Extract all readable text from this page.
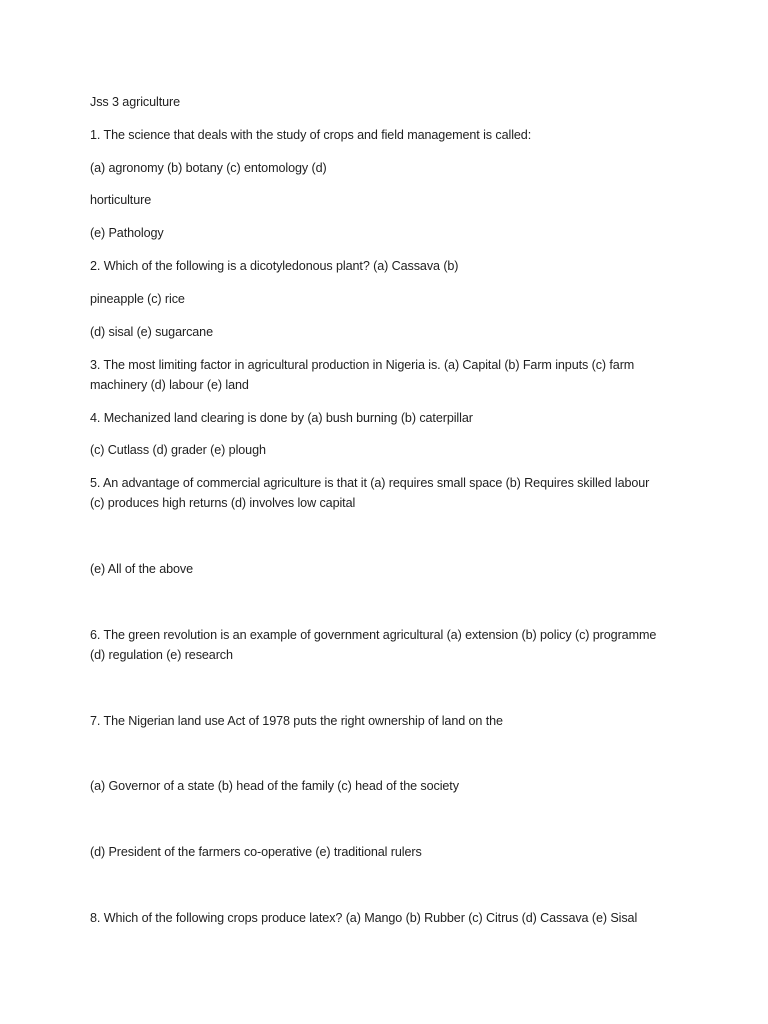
Jss 3 agriculture

1. The science that deals with the study of crops and field management is called:

(a) agronomy (b) botany (c) entomology (d)

horticulture

(e) Pathology

2. Which of the following is a dicotyledonous plant? (a) Cassava (b)

pineapple (c) rice

(d) sisal (e) sugarcane

3. The most limiting factor in agricultural production in Nigeria is. (a) Capital (b) Farm inputs (c) farm

machinery (d) labour (e) land

4. Mechanized land clearing is done by (a) bush burning (b) caterpillar

(c) Cutlass (d) grader (e) plough

5. An advantage of commercial agriculture is that it (a) requires small space (b) Requires skilled labour

(c) produces high returns (d) involves low capital

(e) All of the above

6. The green revolution is an example of government agricultural (a) extension (b) policy (c) programme

(d) regulation (e) research

7. The Nigerian land use Act of 1978 puts the right ownership of land on the

(a) Governor of a state (b) head of the family (c) head of the society

(d) President of the farmers co-operative (e) traditional rulers

8. Which of the following crops produce latex? (a) Mango (b) Rubber (c) Citrus (d) Cassava (e) Sisal
